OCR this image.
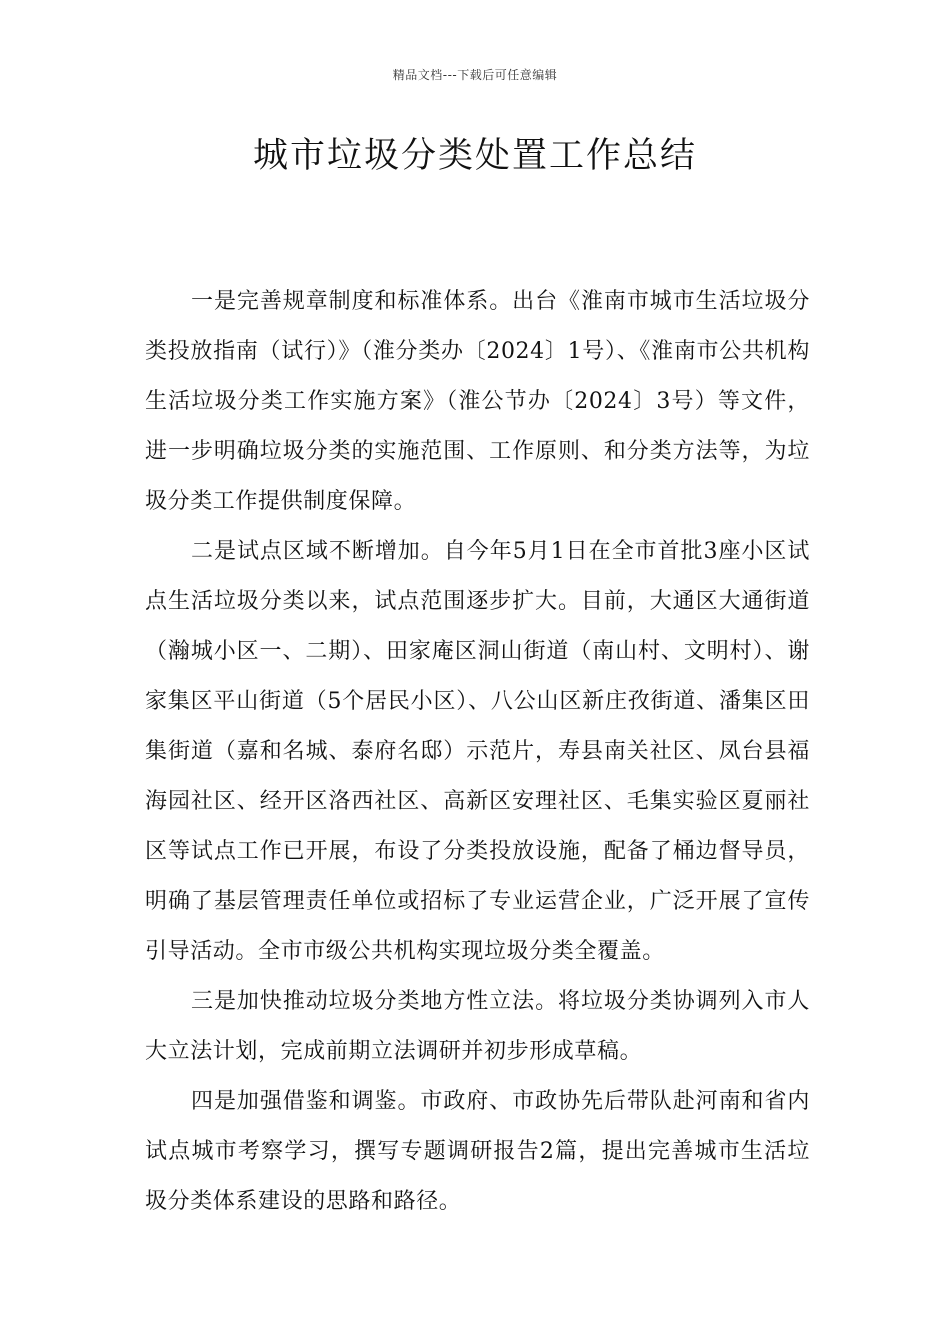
精品文档---下载后可任意编辑
城市垃圾分类处置工作总结

一是完善规章制度和标准体系。出台《淮南市城市生活垃圾分类投放指南（试行）》（淮分类办〔2024〕1号）、《淮南市公共机构生活垃圾分类工作实施方案》（淮公节办〔2024〕3号）等文件，进一步明确垃圾分类的实施范围、工作原则、和分类方法等，为垃圾分类工作提供制度保障。

二是试点区域不断增加。自今年5月1日在全市首批3座小区试点生活垃圾分类以来，试点范围逐步扩大。目前，大通区大通街道（瀚城小区一、二期）、田家庵区洞山街道（南山村、文明村）、谢家集区平山街道（5个居民小区）、八公山区新庄孜街道、潘集区田集街道（嘉和名城、泰府名邸）示范片，寿县南关社区、凤台县福海园社区、经开区洛西社区、高新区安理社区、毛集实验区夏丽社区等试点工作已开展，布设了分类投放设施，配备了桶边督导员，明确了基层管理责任单位或招标了专业运营企业，广泛开展了宣传引导活动。全市市级公共机构实现垃圾分类全覆盖。

三是加快推动垃圾分类地方性立法。将垃圾分类协调列入市人大立法计划，完成前期立法调研并初步形成草稿。

四是加强借鉴和调鉴。市政府、市政协先后带队赴河南和省内试点城市考察学习，撰写专题调研报告2篇，提出完善城市生活垃圾分类体系建设的思路和路径。
